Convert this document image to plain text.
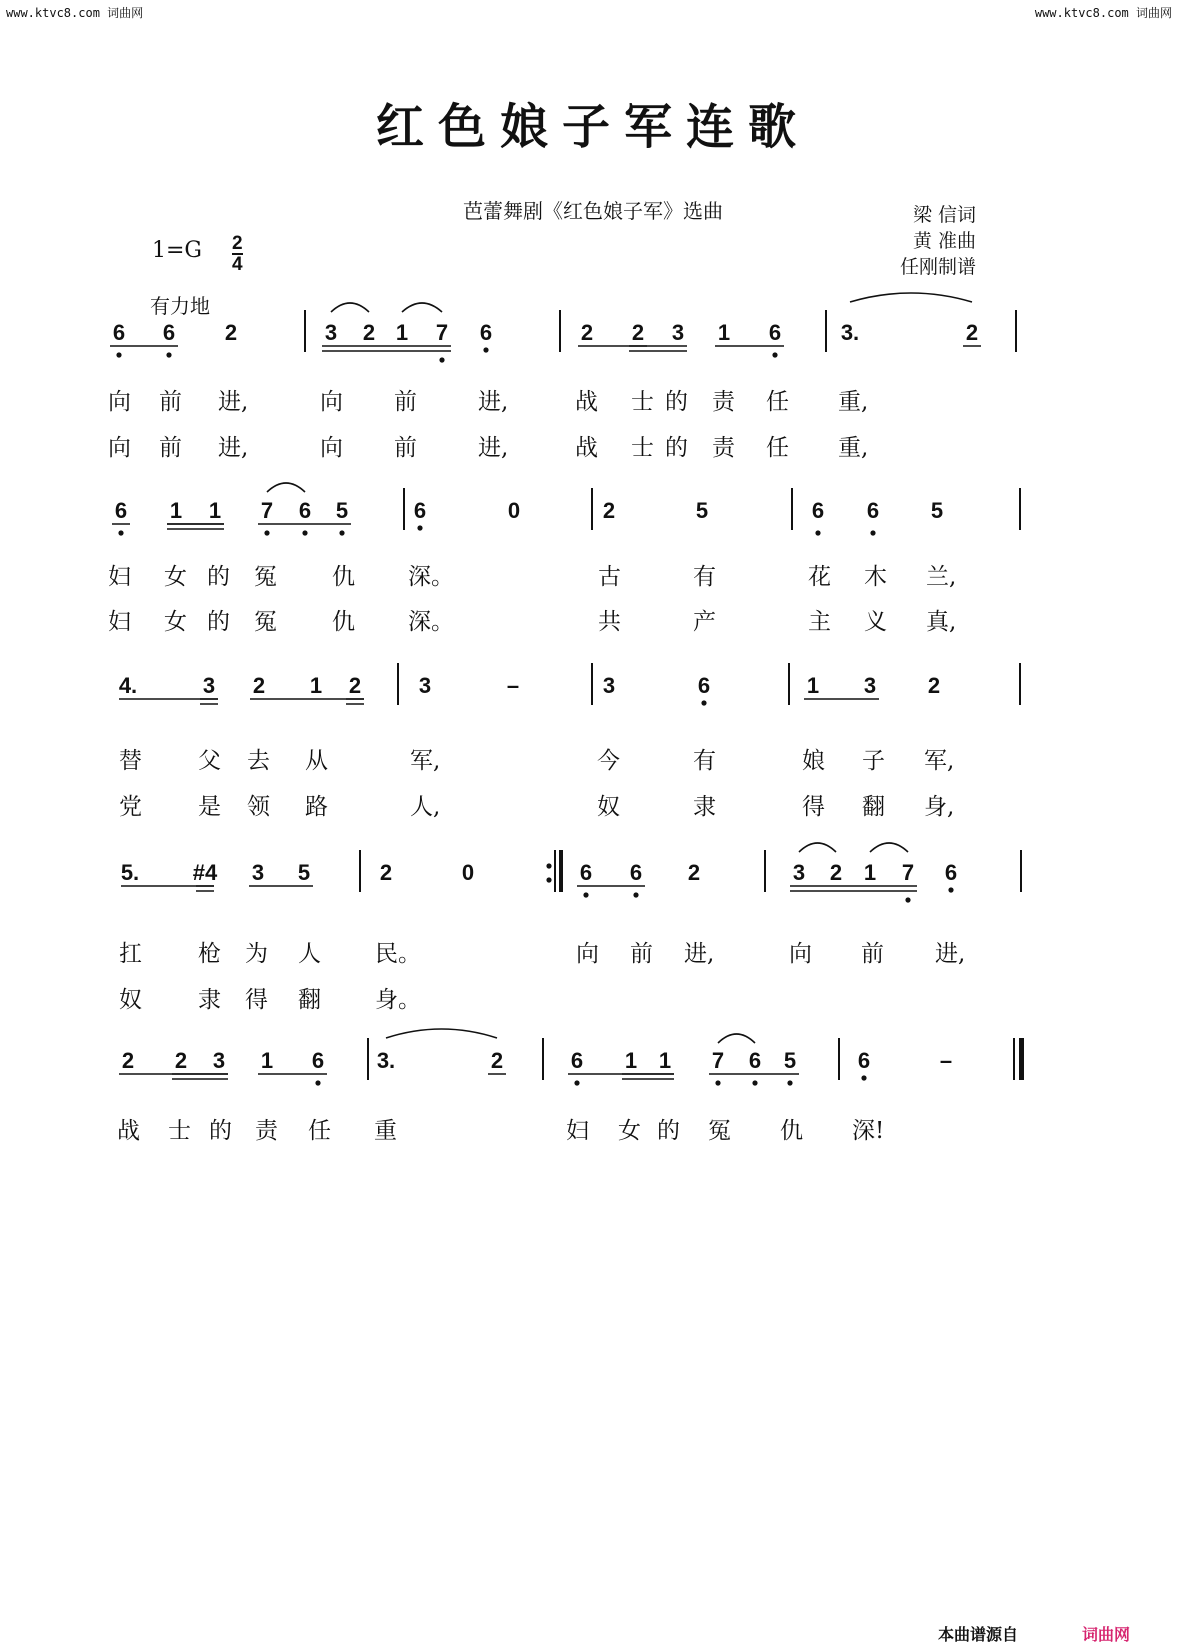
www.ktvc8.com 词曲网	www.ktvc8.com 词曲网
红色娘子军连歌
芭蕾舞剧《红色娘子军》选曲	梁 信词
黄 准曲
任刚制谱
1=G 2
4
有力地
6 6 2	3 2 1 7 6	2 2 3 1 6	3.	2
6 1 1 7 6 5	6	0	2	5	6 6 5
4.	3 2 1 2	3	–	3	6	1 3 2
5. #4 3 5	2	0	6 6 2	3 2 1 7 6
2 2 3 1 6 3.	2	6 1 1 7 6 5	6	–
向 前 进,	向 前	进,	战 士 的 责 任 重,
向 前 进,	向 前	进,	战 士 的 责 任 重,
妇 女 的 冤 仇 深。	古	有	花 木 兰,
妇 女 的 冤 仇 深。	共	产	主 义 真,
替 父 去 从	军,	今	有	娘 子 军,
党 是 领 路	人,	奴	隶	得 翻 身,
扛 枪 为 人 民。	向 前 进,	向 前 进,
奴 隶 得 翻 身。
战 士 的 责 任 重	妇 女 的 冤 仇 深!
本曲谱源自	词曲网
